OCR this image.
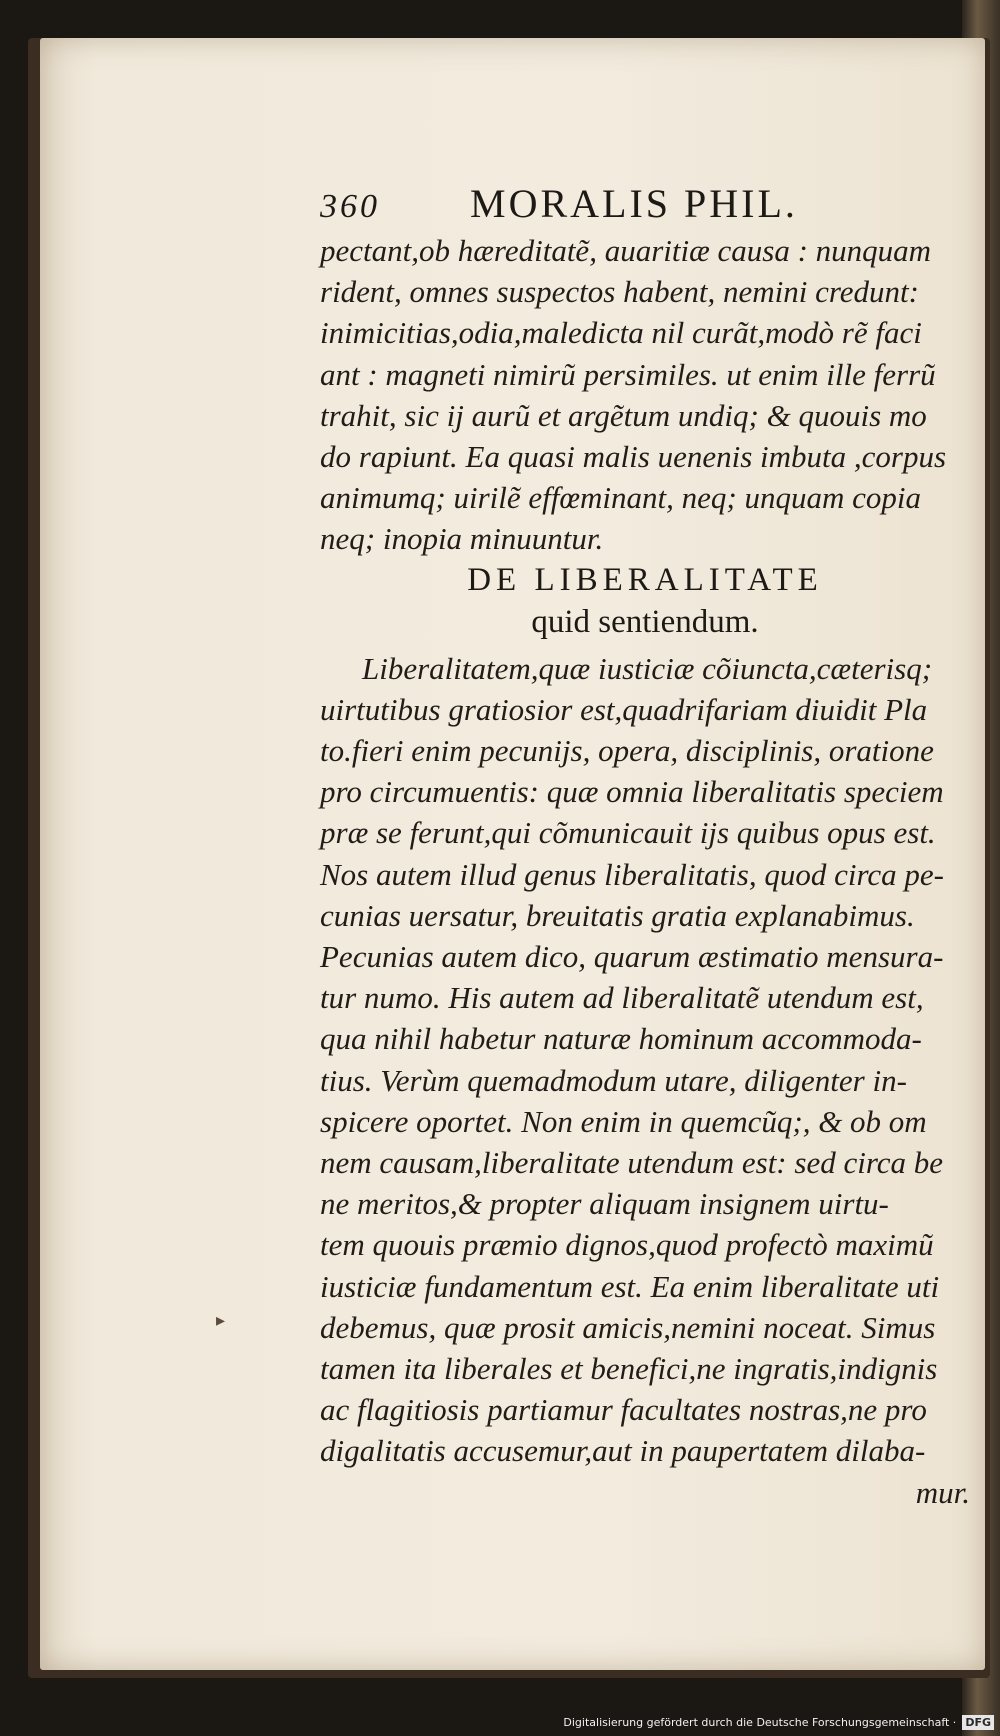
▸
360	MORALIS PHIL.
pectant,ob hæreditatẽ, auaritiæ causa : nunquam
rident, omnes suspectos habent, nemini credunt:
inimicitias,odia,maledicta nil curãt,modò rẽ faci
ant : magneti nimirũ persimiles. ut enim ille ferrũ
trahit, sic ij aurũ et argẽtum undiq; & quouis mo
do rapiunt. Ea quasi malis uenenis imbuta ,corpus
animumq; uirilẽ effœminant, neq; unquam copia
neq; inopia minuuntur.
DE LIBERALITATE
quid sentiendum.
Liberalitatem,quæ iusticiæ cõiuncta,cæterisq;
uirtutibus gratiosior est,quadrifariam diuidit Pla
to.fieri enim pecunijs, opera, disciplinis, oratione
pro circumuentis: quæ omnia liberalitatis speciem
præ se ferunt,qui cõmunicauit ijs quibus opus est.
Nos autem illud genus liberalitatis, quod circa pe-
cunias uersatur, breuitatis gratia explanabimus.
Pecunias autem dico, quarum æstimatio mensura-
tur numo. His autem ad liberalitatẽ utendum est,
qua nihil habetur naturæ hominum accommoda-
tius. Verùm quemadmodum utare, diligenter in-
spicere oportet. Non enim in quemcũq;, & ob om
nem causam,liberalitate utendum est: sed circa be
ne meritos,& propter aliquam insignem uirtu-
tem quouis præmio dignos,quod profectò maximũ
iusticiæ fundamentum est. Ea enim liberalitate uti
debemus, quæ prosit amicis,nemini noceat. Simus
tamen ita liberales et benefici,ne ingratis,indignis
ac flagitiosis partiamur facultates nostras,ne pro
digalitatis accusemur,aut in paupertatem dilaba-
mur.
Digitalisierung gefördert durch die Deutsche Forschungsgemeinschaft · DFG
